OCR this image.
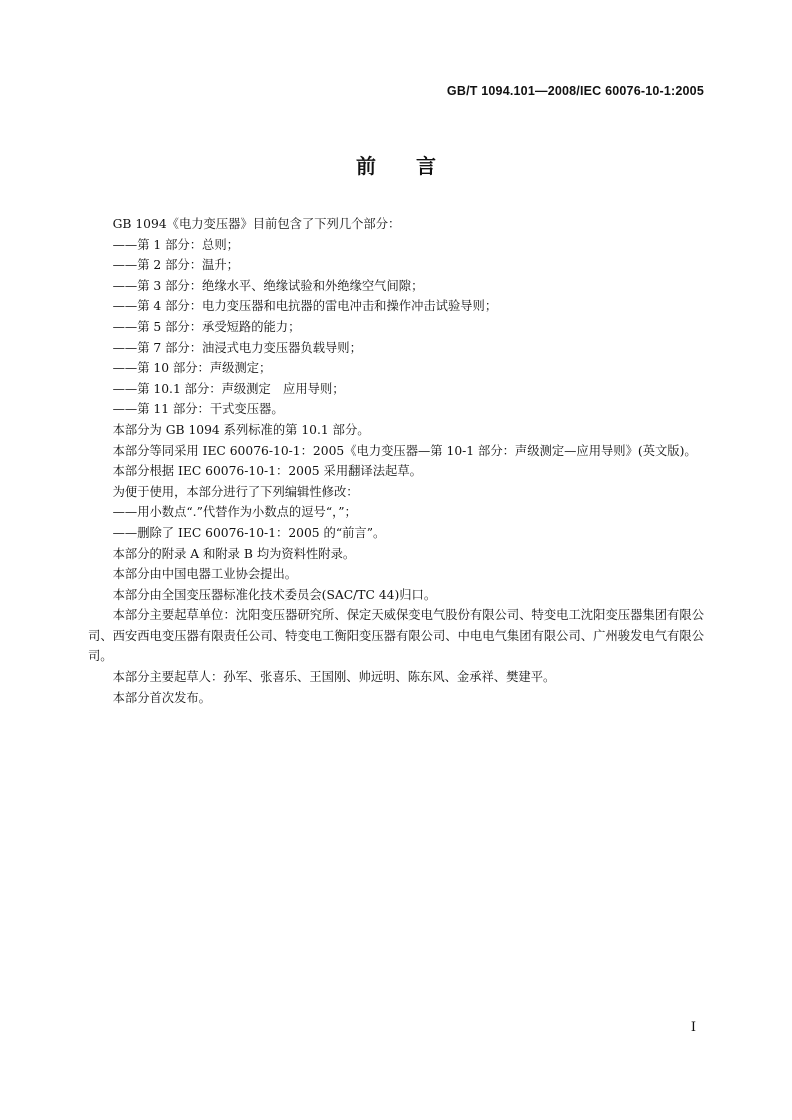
GB/T 1094.101—2008/IEC 60076-10-1:2005
前言

GB 1094《电力变压器》目前包含了下列几个部分：

——第 1 部分：总则；

——第 2 部分：温升；

——第 3 部分：绝缘水平、绝缘试验和外绝缘空气间隙；

——第 4 部分：电力变压器和电抗器的雷电冲击和操作冲击试验导则；

——第 5 部分：承受短路的能力；

——第 7 部分：油浸式电力变压器负载导则；

——第 10 部分：声级测定；

——第 10.1 部分：声级测定　应用导则；

——第 11 部分：干式变压器。

本部分为 GB 1094 系列标准的第 10.1 部分。

本部分等同采用 IEC 60076-10-1：2005《电力变压器—第 10-1 部分：声级测定—应用导则》(英文版)。

本部分根据 IEC 60076-10-1：2005 采用翻译法起草。

为便于使用，本部分进行了下列编辑性修改：

——用小数点“.”代替作为小数点的逗号“，”；

——删除了 IEC 60076-10-1：2005 的“前言”。

本部分的附录 A 和附录 B 均为资料性附录。

本部分由中国电器工业协会提出。

本部分由全国变压器标准化技术委员会(SAC/TC 44)归口。

本部分主要起草单位：沈阳变压器研究所、保定天威保变电气股份有限公司、特变电工沈阳变压器集团有限公司、西安西电变压器有限责任公司、特变电工衡阳变压器有限公司、中电电气集团有限公司、广州骏发电气有限公司。

本部分主要起草人：孙军、张喜乐、王国刚、帅远明、陈东风、金承祥、樊建平。

本部分首次发布。

I
